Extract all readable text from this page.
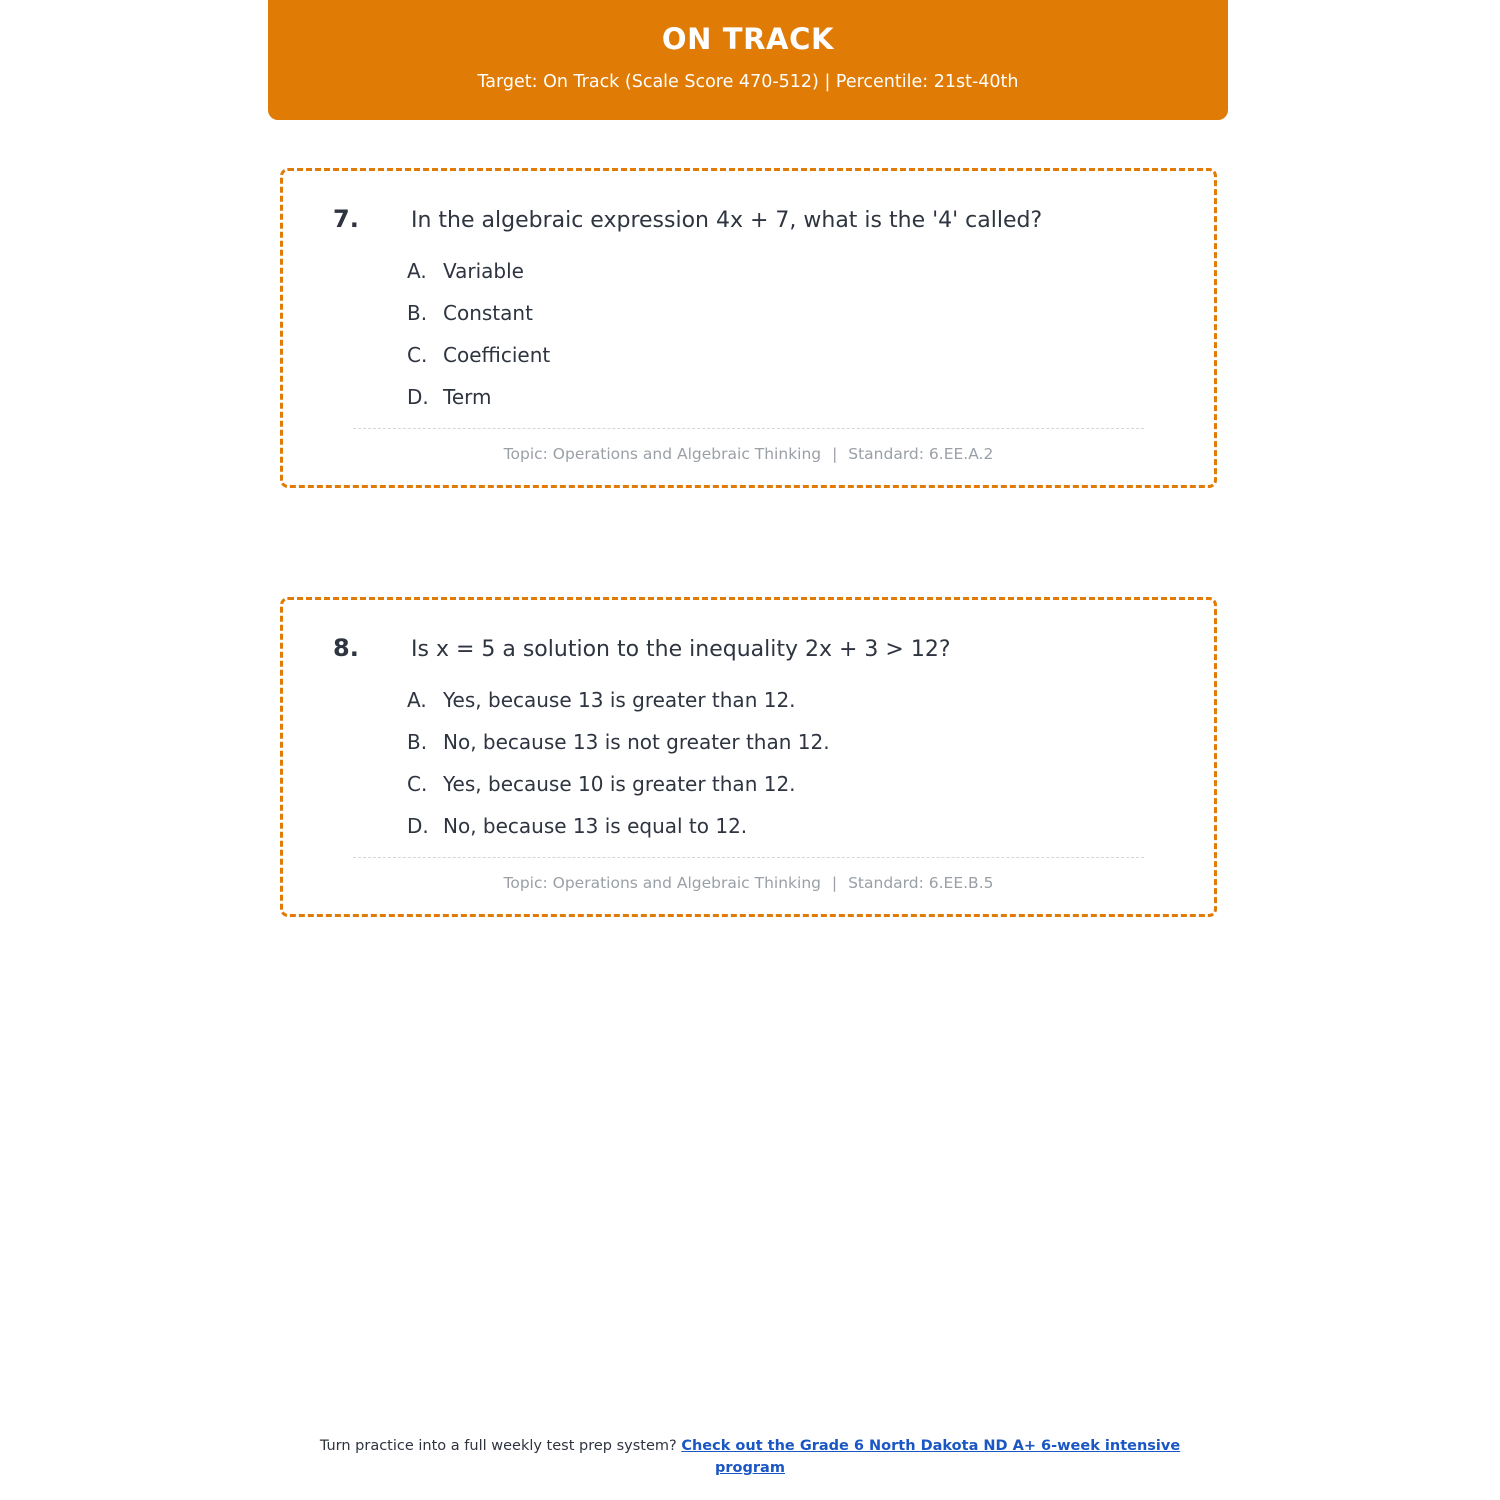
ON TRACK
Target: On Track (Scale Score 470-512) | Percentile: 21st-40th
7.	In the algebraic expression 4x + 7, what is the '4' called?
A. Variable
B. Constant
C. Coefficient
D. Term
Topic: Operations and Algebraic Thinking | Standard: 6.EE.A.2
8.	Is x = 5 a solution to the inequality 2x + 3 > 12?
A. Yes, because 13 is greater than 12.
B. No, because 13 is not greater than 12.
C. Yes, because 10 is greater than 12.
D. No, because 13 is equal to 12.
Topic: Operations and Algebraic Thinking | Standard: 6.EE.B.5
Turn practice into a full weekly test prep system? Check out the Grade 6 North Dakota ND A+ 6-week intensive program
